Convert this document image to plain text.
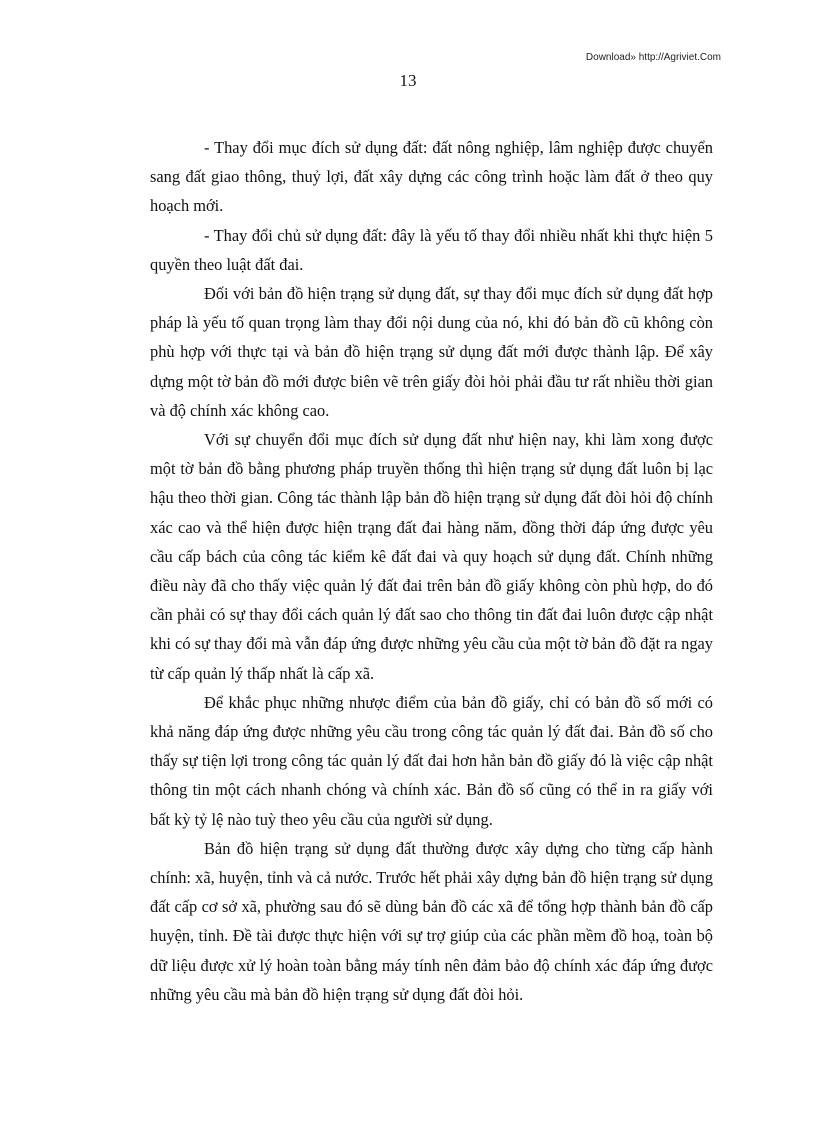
Download» http://Agriviet.Com
13

- Thay đổi mục đích sử dụng đất: đất nông nghiệp, lâm nghiệp được chuyển sang đất giao thông, thuỷ lợi, đất xây dựng các công trình hoặc làm đất ở theo quy hoạch mới.

- Thay đổi chủ sử dụng đất: đây là yếu tố thay đổi nhiều nhất khi thực hiện 5 quyền theo luật đất đai.

Đối với bản đồ hiện trạng sử dụng đất, sự thay đổi mục đích sử dụng đất hợp pháp là yếu tố quan trọng làm thay đổi nội dung của nó, khi đó bản đồ cũ không còn phù hợp với thực tại và bản đồ hiện trạng sử dụng đất mới được thành lập. Để xây dựng một tờ bản đồ mới được biên vẽ trên giấy đòi hỏi phải đầu tư rất nhiều thời gian và độ chính xác không cao.

Với sự chuyển đổi mục đích sử dụng đất như hiện nay, khi làm xong được một tờ bản đồ bằng phương pháp truyền thống thì hiện trạng sử dụng đất luôn bị lạc hậu theo thời gian. Công tác thành lập bản đồ hiện trạng sử dụng đất đòi hỏi độ chính xác cao và thể hiện được hiện trạng đất đai hàng năm, đồng thời đáp ứng được yêu cầu cấp bách của công tác kiểm kê đất đai và quy hoạch sử dụng đất. Chính những điều này đã cho thấy việc quản lý đất đai trên bản đồ giấy không còn phù hợp, do đó cần phải có sự thay đổi cách quản lý đất sao cho thông tin đất đai luôn được cập nhật khi có sự thay đổi mà vẫn đáp ứng được những yêu cầu của một tờ bản đồ đặt ra ngay từ cấp quản lý thấp nhất là cấp xã.

Để khắc phục những nhược điểm của bản đồ giấy, chỉ có bản đồ số mới có khả năng đáp ứng được những yêu cầu trong công tác quản lý đất đai. Bản đồ số cho thấy sự tiện lợi trong công tác quản lý đất đai hơn hẳn bản đồ giấy đó là việc cập nhật thông tin một cách nhanh chóng và chính xác. Bản đồ số cũng có thể in ra giấy với bất kỳ tỷ lệ nào tuỳ theo yêu cầu của người sử dụng.

Bản đồ hiện trạng sử dụng đất thường được xây dựng cho từng cấp hành chính: xã, huyện, tỉnh và cả nước. Trước hết phải xây dựng bản đồ hiện trạng sử dụng đất cấp cơ sở xã, phường sau đó sẽ dùng bản đồ các xã để tổng hợp thành bản đồ cấp huyện, tỉnh. Đề tài được thực hiện với sự trợ giúp của các phần mềm đồ hoạ, toàn bộ dữ liệu được xử lý hoàn toàn bằng máy tính nên đảm bảo độ chính xác đáp ứng được những yêu cầu mà bản đồ hiện trạng sử dụng đất đòi hỏi.
